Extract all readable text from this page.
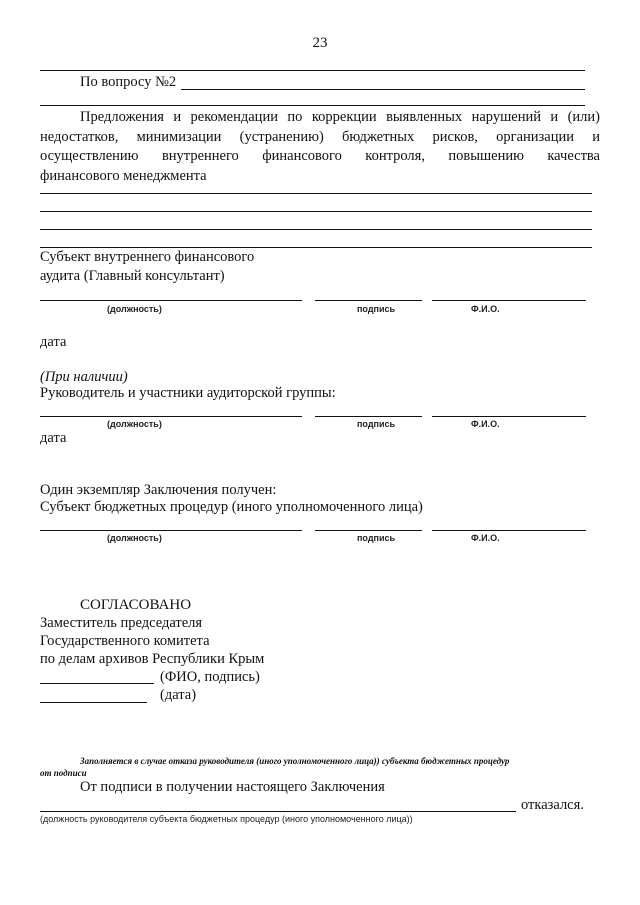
23
По вопросу №2
Предложения и рекомендации по коррекции выявленных нарушений и (или)
недостатков, минимизации (устранению) бюджетных рисков, организации и
осуществлению внутреннего финансового контроля, повышению качества
финансового менеджмента
Субъект внутреннего финансового
аудита (Главный консультант)
(должность)	подпись	Ф.И.О.
дата
(При наличии)
Руководитель и участники аудиторской группы:
(должность)	подпись	Ф.И.О.
дата
Один экземпляр Заключения получен:
Субъект бюджетных процедур (иного уполномоченного лица)
(должность)	подпись	Ф.И.О.
СОГЛАСОВАНО
Заместитель председателя
Государственного комитета
по делам архивов Республики Крым
(ФИО, подпись)
(дата)
Заполняется в случае отказа руководителя (иного уполномоченного лица)) субъекта бюджетных процедур
от подписи
От подписи в получении настоящего Заключения
отказался.
(должность руководителя субъекта бюджетных процедур (иного уполномоченного лица))
